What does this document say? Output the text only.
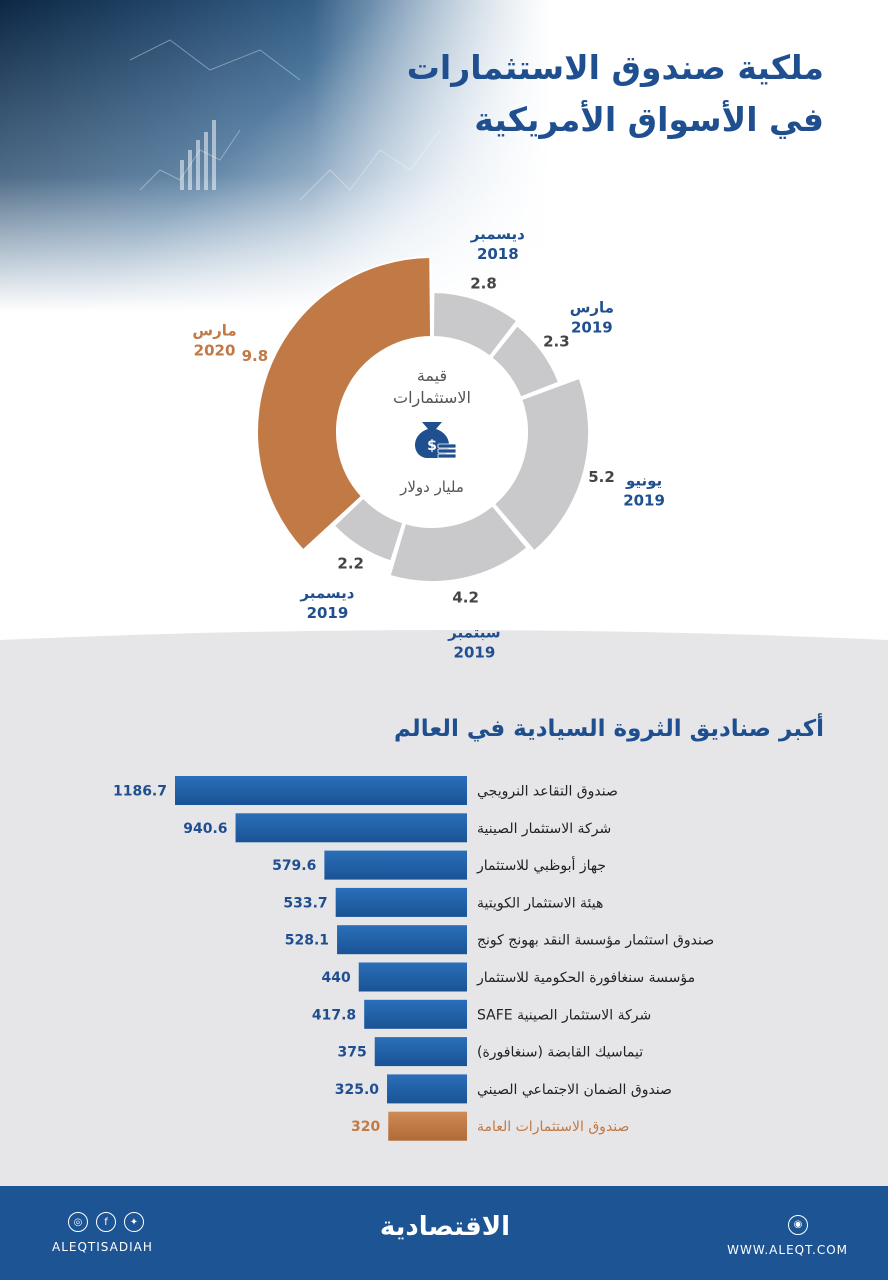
ملكية صندوق الاستثمارات
في الأسواق الأمريكية
2.8
ديسمبر
2018
2.3
مارس
2019
5.2 يونيو
2019
4.2
سبتمبر
2019
2.2
ديسمبر
2019
9.8
مارس
2020
قيمة
الاستثمارات
$
مليار دولار
أكبر صناديق الثروة السيادية في العالم
1186.7	صندوق التقاعد النرويجي
940.6	شركة الاستثمار الصينية
579.6	جهاز أبوظبي للاستثمار
533.7	هيئة الاستثمار الكويتية
528.1	صندوق استثمار مؤسسة النقد بهونج كونج
440	مؤسسة سنغافورة الحكومية للاستثمار
417.8	شركة الاستثمار الصينية SAFE
375	تيماسيك القابضة (سنغافورة)
325.0	صندوق الضمان الاجتماعي الصيني
320	صندوق الاستثمارات العامة
◎	f	✦
ALEQTISADIAH
الاقتصادية	◉
WWW.ALEQT.COM
